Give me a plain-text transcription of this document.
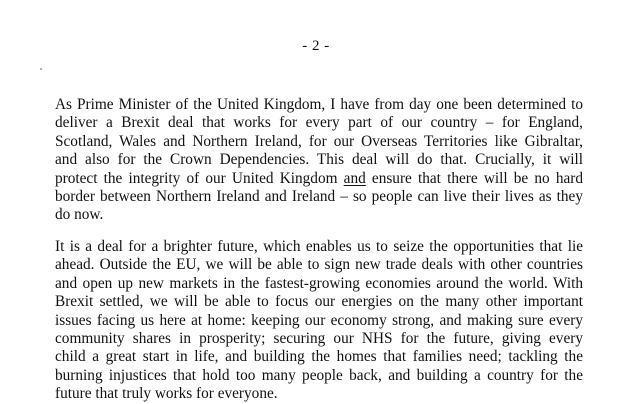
- 2 -
As Prime Minister of the United Kingdom, I have from day one been determined to
deliver a Brexit deal that works for every part of our country – for England,
Scotland, Wales and Northern Ireland, for our Overseas Territories like Gibraltar,
and also for the Crown Dependencies. This deal will do that. Crucially, it will
protect the integrity of our United Kingdom and ensure that there will be no hard
border between Northern Ireland and Ireland – so people can live their lives as they
do now.
It is a deal for a brighter future, which enables us to seize the opportunities that lie
ahead. Outside the EU, we will be able to sign new trade deals with other countries
and open up new markets in the fastest-growing economies around the world. With
Brexit settled, we will be able to focus our energies on the many other important
issues facing us here at home: keeping our economy strong, and making sure every
community shares in prosperity; securing our NHS for the future, giving every
child a great start in life, and building the homes that families need; tackling the
burning injustices that hold too many people back, and building a country for the
future that truly works for everyone.
